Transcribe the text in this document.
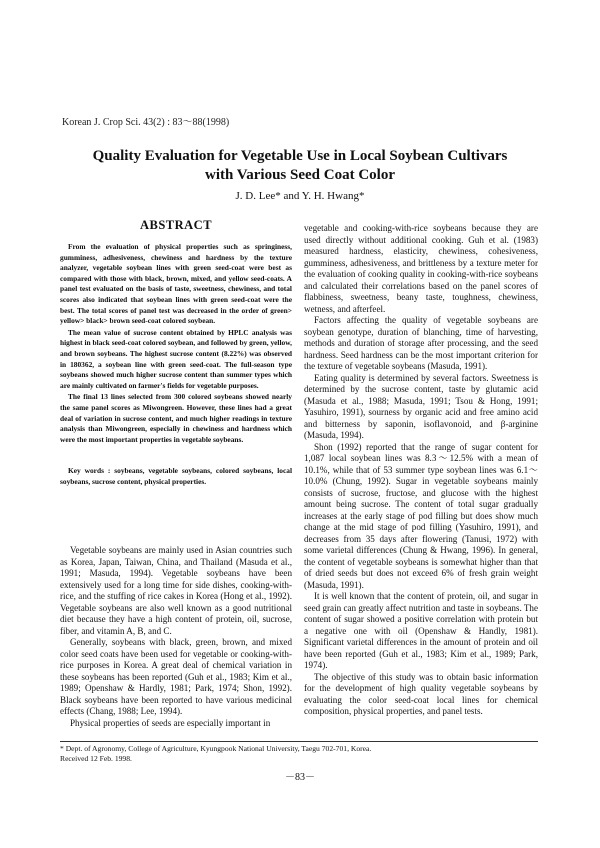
Korean J. Crop Sci. 43(2) : 83～88(1998)
Quality Evaluation for Vegetable Use in Local Soybean Cultivars
with Various Seed Coat Color
J. D. Lee* and Y. H. Hwang*
ABSTRACT

From the evaluation of physical properties such as springiness, gumminess, adhesiveness, chewiness and hardness by the texture analyzer, vegetable soybean lines with green seed-coat were best as compared with those with black, brown, mixed, and yellow seed-coats. A panel test evaluated on the basis of taste, sweetness, chewiness, and total scores also indicated that soybean lines with green seed-coat were the best. The total scores of panel test was decreased in the order of green> yellow> black> brown seed-coat colored soybean.

The mean value of sucrose content obtained by HPLC analysis was highest in black seed-coat colored soybean, and followed by green, yellow, and brown soybeans. The highest sucrose content (8.22%) was observed in 180362, a soybean line with green seed-coat. The full-season type soybeans showed much higher sucrose content than summer types which are mainly cultivated on farmer's fields for vegetable purposes.

The final 13 lines selected from 300 colored soybeans showed nearly the same panel scores as Miwongreen. However, these lines had a great deal of variation in sucrose content, and much higher readings in texture analysis than Miwongreen, especially in chewiness and hardness which were the most important properties in vegetable soybeans.

Key words : soybeans, vegetable soybeans, colored soybeans, local soybeans, sucrose content, physical properties.

Vegetable soybeans are mainly used in Asian countries such as Korea, Japan, Taiwan, China, and Thailand (Masuda et al., 1991; Masuda, 1994). Vegetable soybeans have been extensively used for a long time for side dishes, cooking-with-rice, and the stuffing of rice cakes in Korea (Hong et al., 1992). Vegetable soybeans are also well known as a good nutritional diet because they have a high content of protein, oil, sucrose, fiber, and vitamin A, B, and C.

Generally, soybeans with black, green, brown, and mixed color seed coats have been used for vegetable or cooking-with-rice purposes in Korea. A great deal of chemical variation in these soybeans has been reported (Guh et al., 1983; Kim et al., 1989; Openshaw & Hardly, 1981; Park, 1974; Shon, 1992). Black soybeans have been reported to have various medicinal effects (Chang, 1988; Lee, 1994).

Physical properties of seeds are especially important in

vegetable and cooking-with-rice soybeans because they are used directly without additional cooking. Guh et al. (1983) measured hardness, elasticity, chewiness, cohesiveness, gumminess, adhesiveness, and brittleness by a texture meter for the evaluation of cooking quality in cooking-with-rice soybeans and calculated their correlations based on the panel scores of flabbiness, sweetness, beany taste, toughness, chewiness, wetness, and afterfeel.

Factors affecting the quality of vegetable soybeans are soybean genotype, duration of blanching, time of harvesting, methods and duration of storage after processing, and the seed hardness. Seed hardness can be the most important criterion for the texture of vegetable soybeans (Masuda, 1991).

Eating quality is determined by several factors. Sweetness is determined by the sucrose content, taste by glutamic acid (Masuda et al., 1988; Masuda, 1991; Tsou & Hong, 1991; Yasuhiro, 1991), sourness by organic acid and free amino acid and bitterness by saponin, isoflavonoid, and β-arginine (Masuda, 1994).

Shon (1992) reported that the range of sugar content for 1,087 local soybean lines was 8.3～12.5% with a mean of 10.1%, while that of 53 summer type soybean lines was 6.1～10.0% (Chung, 1992). Sugar in vegetable soybeans mainly consists of sucrose, fructose, and glucose with the highest amount being sucrose. The content of total sugar gradually increases at the early stage of pod filling but does show much change at the mid stage of pod filling (Yasuhiro, 1991), and decreases from 35 days after flowering (Tanusi, 1972) with some varietal differences (Chung & Hwang, 1996). In general, the content of vegetable soybeans is somewhat higher than that of dried seeds but does not exceed 6% of fresh grain weight (Masuda, 1991).

It is well known that the content of protein, oil, and sugar in seed grain can greatly affect nutrition and taste in soybeans. The content of sugar showed a positive correlation with protein but a negative one with oil (Openshaw & Handly, 1981). Significant varietal differences in the amount of protein and oil have been reported (Guh et al., 1983; Kim et al., 1989; Park, 1974).

The objective of this study was to obtain basic information for the development of high quality vegetable soybeans by evaluating the color seed-coat local lines for chemical composition, physical properties, and panel tests.

* Dept. of Agronomy, College of Agriculture, Kyungpook National University, Taegu 702-701, Korea.
Received 12 Feb. 1998.
－83－
